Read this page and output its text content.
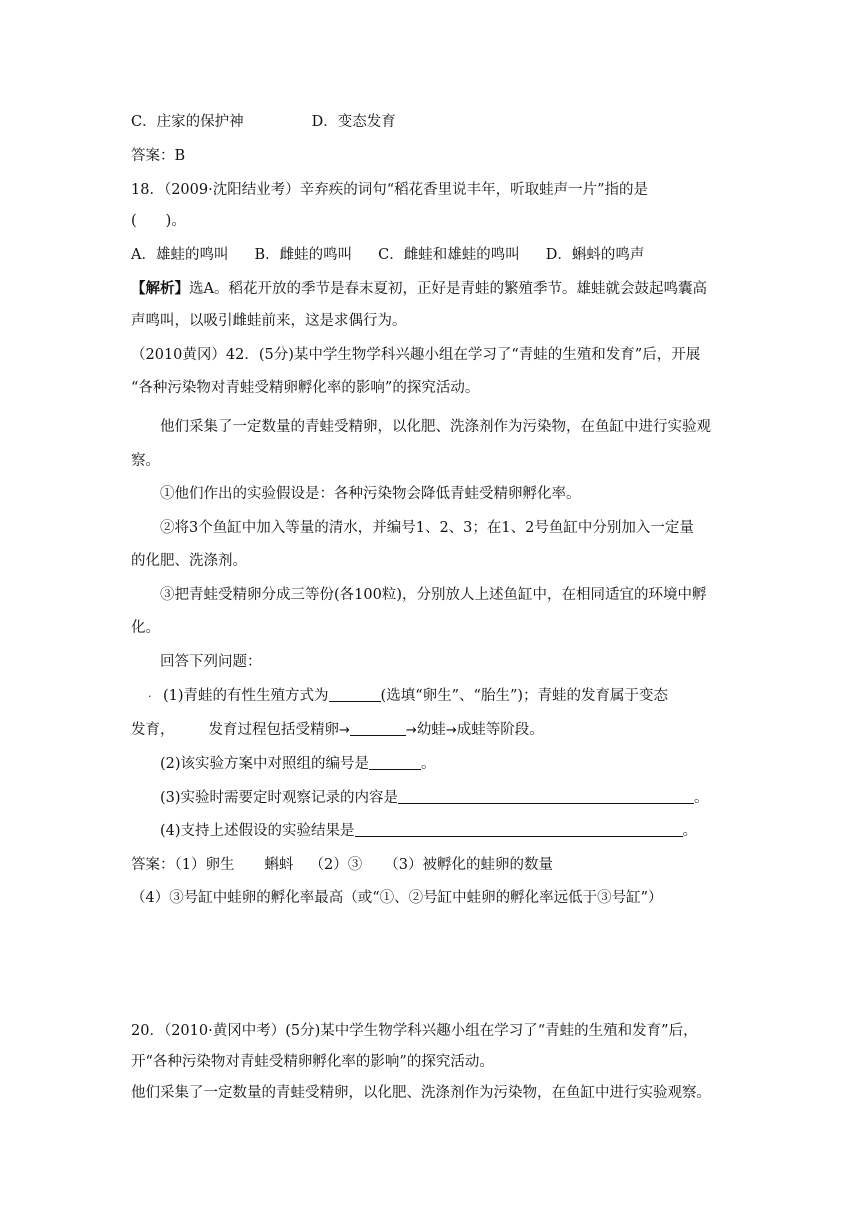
C．庄家的保护神	D．变态发育
答案：B
18．（2009·沈阳结业考）辛弃疾的词句“稻花香里说丰年，听取蛙声一片”指的是
(　　)。
A．雄蛙的鸣叫 B．雌蛙的鸣叫 C．雌蛙和雄蛙的鸣叫 D．蝌蚪的鸣声
【解析】选A。稻花开放的季节是春末夏初，正好是青蛙的繁殖季节。雄蛙就会鼓起鸣囊高
声鸣叫，以吸引雌蛙前来，这是求偶行为。
（2010黄冈）42．(5分)某中学生物学科兴趣小组在学习了“青蛙的生殖和发育”后，开展
“各种污染物对青蛙受精卵孵化率的影响”的探究活动。
他们采集了一定数量的青蛙受精卵，以化肥、洗涤剂作为污染物，在鱼缸中进行实验观
察。
①他们作出的实验假设是：各种污染物会降低青蛙受精卵孵化率。
②将3个鱼缸中加入等量的清水，并编号1、2、3；在1、2号鱼缸中分别加入一定量
的化肥、洗涤剂。
③把青蛙受精卵分成三等份(各100粒)，分别放人上述鱼缸中，在相同适宜的环境中孵
化。
回答下列问题：
. (1)青蛙的有性生殖方式为	(选填“卵生”、“胎生”)；青蛙的发育属于变态
发育， 发育过程包括受精卵→	→幼蛙→成蛙等阶段。
(2)该实验方案中对照组的编号是	。
(3)实验时需要定时观察记录的内容是	。
(4)支持上述假设的实验结果是	。
答案：（1）卵生 蝌蚪 （2）③ （3）被孵化的蛙卵的数量
（4）③号缸中蛙卵的孵化率最高（或“①、②号缸中蛙卵的孵化率远低于③号缸”）
20．（2010·黄冈中考）(5分)某中学生物学科兴趣小组在学习了“青蛙的生殖和发育”后，
开“各种污染物对青蛙受精卵孵化率的影响”的探究活动。
他们采集了一定数量的青蛙受精卵，以化肥、洗涤剂作为污染物，在鱼缸中进行实验观察。
